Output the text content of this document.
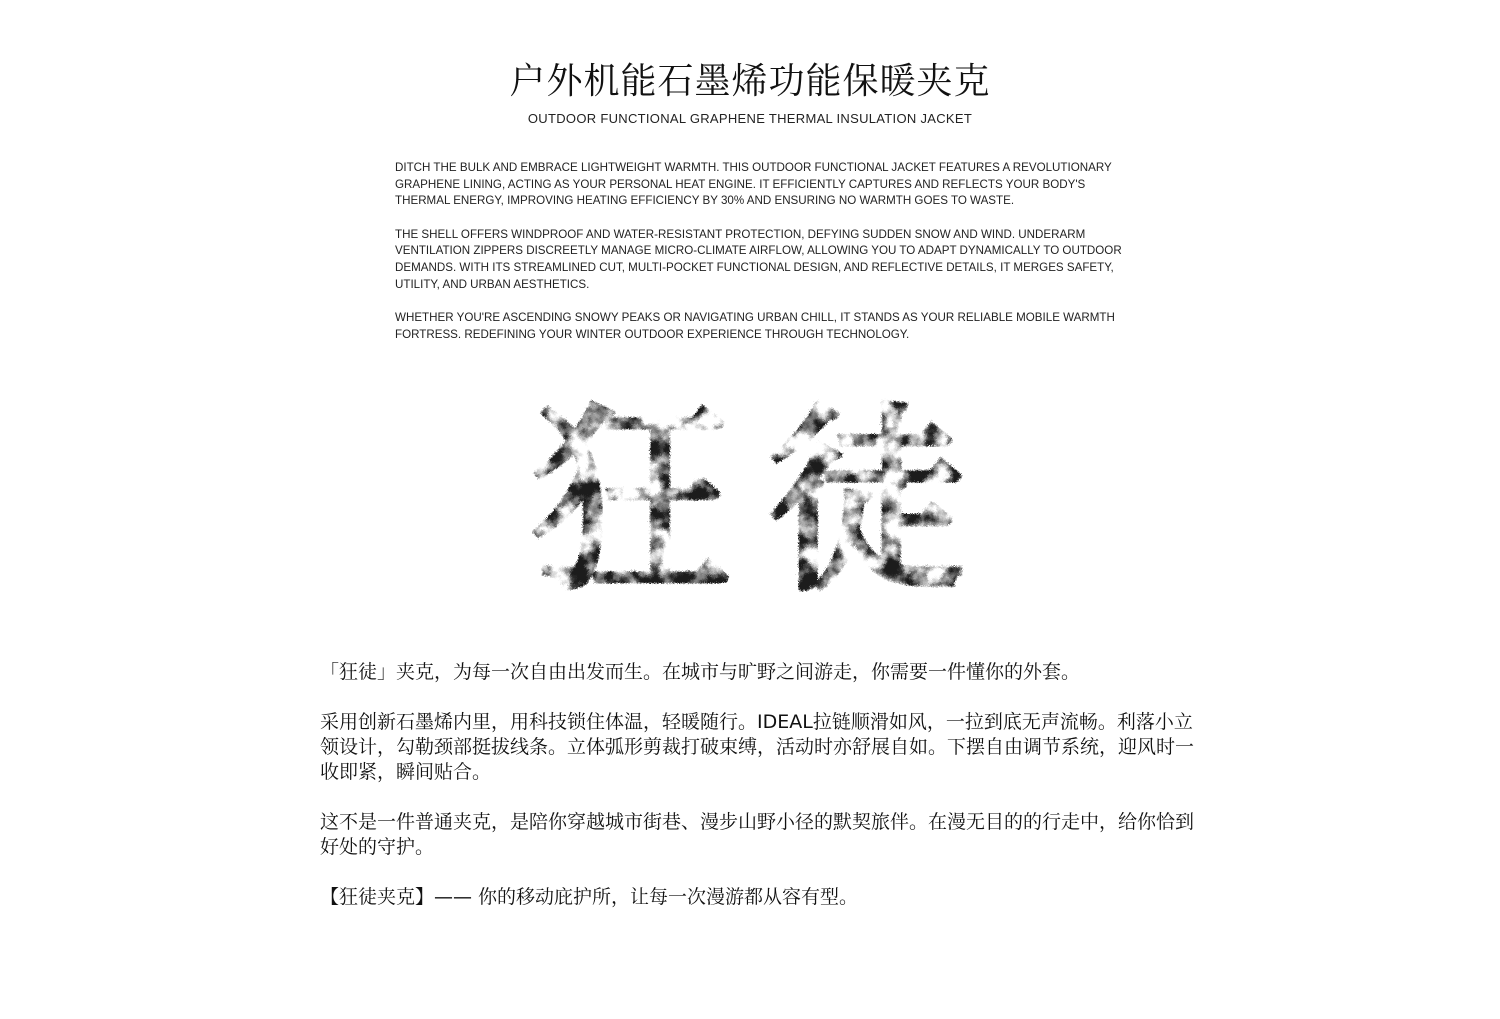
户外机能石墨烯功能保暖夹克
OUTDOOR FUNCTIONAL GRAPHENE THERMAL INSULATION JACKET

DITCH THE BULK AND EMBRACE LIGHTWEIGHT WARMTH. THIS OUTDOOR FUNCTIONAL JACKET FEATURES A REVOLUTIONARY GRAPHENE LINING, ACTING AS YOUR PERSONAL HEAT ENGINE. IT EFFICIENTLY CAPTURES AND REFLECTS YOUR BODY'S THERMAL ENERGY, IMPROVING HEATING EFFICIENCY BY 30% AND ENSURING NO WARMTH GOES TO WASTE.

THE SHELL OFFERS WINDPROOF AND WATER-RESISTANT PROTECTION, DEFYING SUDDEN SNOW AND WIND. UNDERARM VENTILATION ZIPPERS DISCREETLY MANAGE MICRO-CLIMATE AIRFLOW, ALLOWING YOU TO ADAPT DYNAMICALLY TO OUTDOOR DEMANDS. WITH ITS STREAMLINED CUT, MULTI-POCKET FUNCTIONAL DESIGN, AND REFLECTIVE DETAILS, IT MERGES SAFETY, UTILITY, AND URBAN AESTHETICS.

WHETHER YOU'RE ASCENDING SNOWY PEAKS OR NAVIGATING URBAN CHILL, IT STANDS AS YOUR RELIABLE MOBILE WARMTH FORTRESS. REDEFINING YOUR WINTER OUTDOOR EXPERIENCE THROUGH TECHNOLOGY.

狂 徒

「狂徒」夹克，为每一次自由出发而生。在城市与旷野之间游走，你需要一件懂你的外套。

采用创新石墨烯内里，用科技锁住体温，轻暖随行。IDEAL拉链顺滑如风，一拉到底无声流畅。利落小立领设计，勾勒颈部挺拔线条。立体弧形剪裁打破束缚，活动时亦舒展自如。下摆自由调节系统，迎风时一收即紧，瞬间贴合。

这不是一件普通夹克，是陪你穿越城市街巷、漫步山野小径的默契旅伴。在漫无目的的行走中，给你恰到好处的守护。

【狂徒夹克】—— 你的移动庇护所，让每一次漫游都从容有型。
